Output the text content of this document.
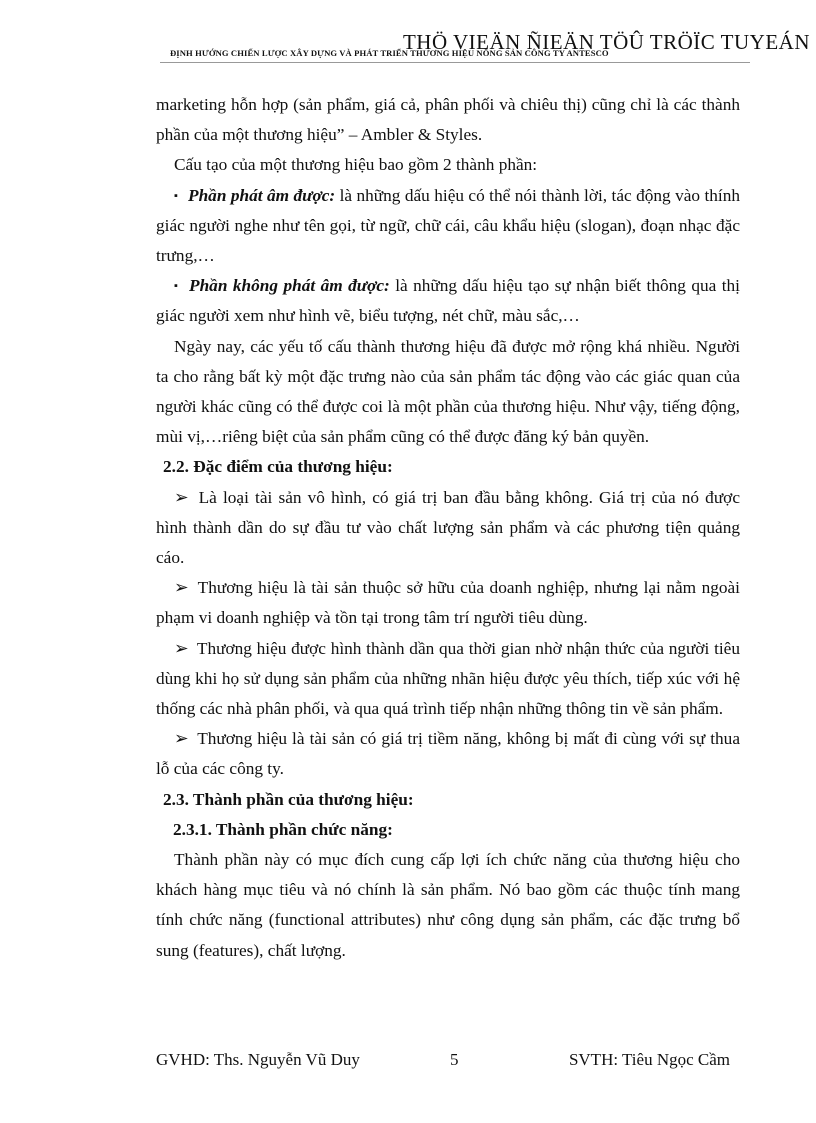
THÖ VIEÄN ÑIEÄN TÖÛ TRÖÏC TUYEÁN
ĐỊNH HƯỚNG CHIẾN LƯỢC XÂY DỰNG VÀ PHÁT TRIỂN THƯƠNG HIỆU NÔNG SẢN CÔNG TY ANTESCO

marketing hỗn hợp (sản phẩm, giá cả, phân phối và chiêu thị) cũng chỉ là các thành phần của một thương hiệu” – Ambler & Styles.

Cấu tạo của một thương hiệu bao gồm 2 thành phần:

▪ Phần phát âm được: là những dấu hiệu có thể nói thành lời, tác động vào thính giác người nghe như tên gọi, từ ngữ, chữ cái, câu khẩu hiệu (slogan), đoạn nhạc đặc trưng,…

▪ Phần không phát âm được: là những dấu hiệu tạo sự nhận biết thông qua thị giác người xem như hình vẽ, biểu tượng, nét chữ, màu sắc,…

Ngày nay, các yếu tố cấu thành thương hiệu đã được mở rộng khá nhiều. Người ta cho rằng bất kỳ một đặc trưng nào của sản phẩm tác động vào các giác quan của người khác cũng có thể được coi là một phần của thương hiệu. Như vậy, tiếng động, mùi vị,…riêng biệt của sản phẩm cũng có thể được đăng ký bản quyền.

2.2. Đặc điểm của thương hiệu:

➢ Là loại tài sản vô hình, có giá trị ban đầu bằng không. Giá trị của nó được hình thành dần do sự đầu tư vào chất lượng sản phẩm và các phương tiện quảng cáo.

➢ Thương hiệu là tài sản thuộc sở hữu của doanh nghiệp, nhưng lại nằm ngoài phạm vi doanh nghiệp và tồn tại trong tâm trí người tiêu dùng.

➢ Thương hiệu được hình thành dần qua thời gian nhờ nhận thức của người tiêu dùng khi họ sử dụng sản phẩm của những nhãn hiệu được yêu thích, tiếp xúc với hệ thống các nhà phân phối, và qua quá trình tiếp nhận những thông tin về sản phẩm.

➢ Thương hiệu là tài sản có giá trị tiềm năng, không bị mất đi cùng với sự thua lỗ của các công ty.

2.3. Thành phần của thương hiệu:
2.3.1. Thành phần chức năng:

Thành phần này có mục đích cung cấp lợi ích chức năng của thương hiệu cho khách hàng mục tiêu và nó chính là sản phẩm. Nó bao gồm các thuộc tính mang tính chức năng (functional attributes) như công dụng sản phẩm, các đặc trưng bổ sung (features), chất lượng.

GVHD: Ths. Nguyễn Vũ Duy	5	SVTH: Tiêu Ngọc Cầm
